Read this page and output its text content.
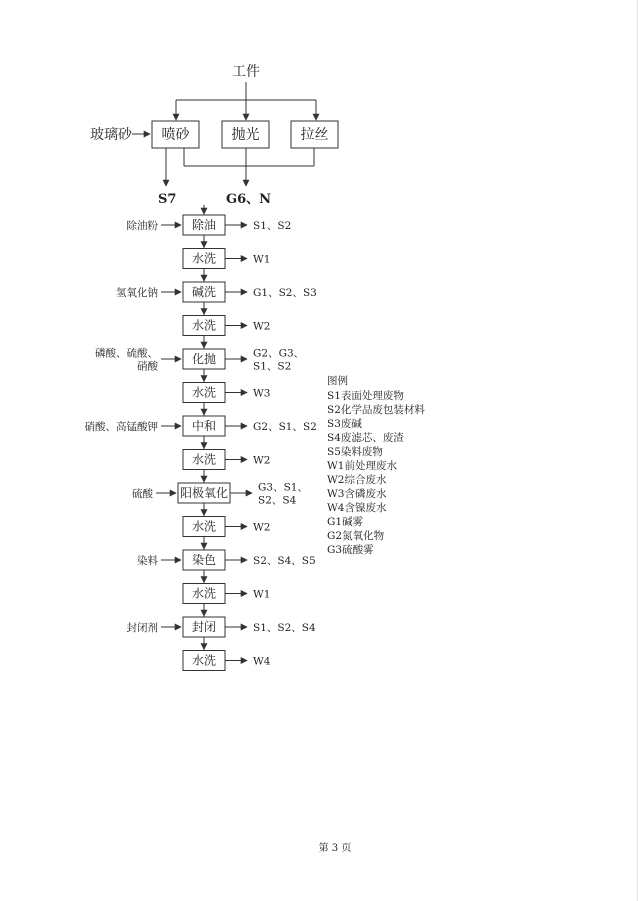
工件
喷砂	抛光	拉丝
玻璃砂
S7	G6、N
除油
除油粉	S1、S2
水洗	W1
碱洗
氢氧化钠	G1、S2、S3
水洗	W2
化抛
磷酸、硫酸、
硝酸
G2、G3、
S1、S2
水洗	W3
中和
硝酸、高锰酸钾	G2、S1、S2
水洗	W2
阳极氧化
硫酸
G3、S1、
S2、S4
水洗	W2
染色
染料	S2、S4、S5
水洗	W1
封闭
封闭剂	S1、S2、S4
水洗	W4
图例
S1表面处理废物
S2化学品废包装材料
S3废碱
S4废滤芯、废渣
S5染料废物
W1前处理废水
W2综合废水
W3含磷废水
W4含镍废水
G1碱雾
G2氮氧化物
G3硫酸雾
第 3 页
